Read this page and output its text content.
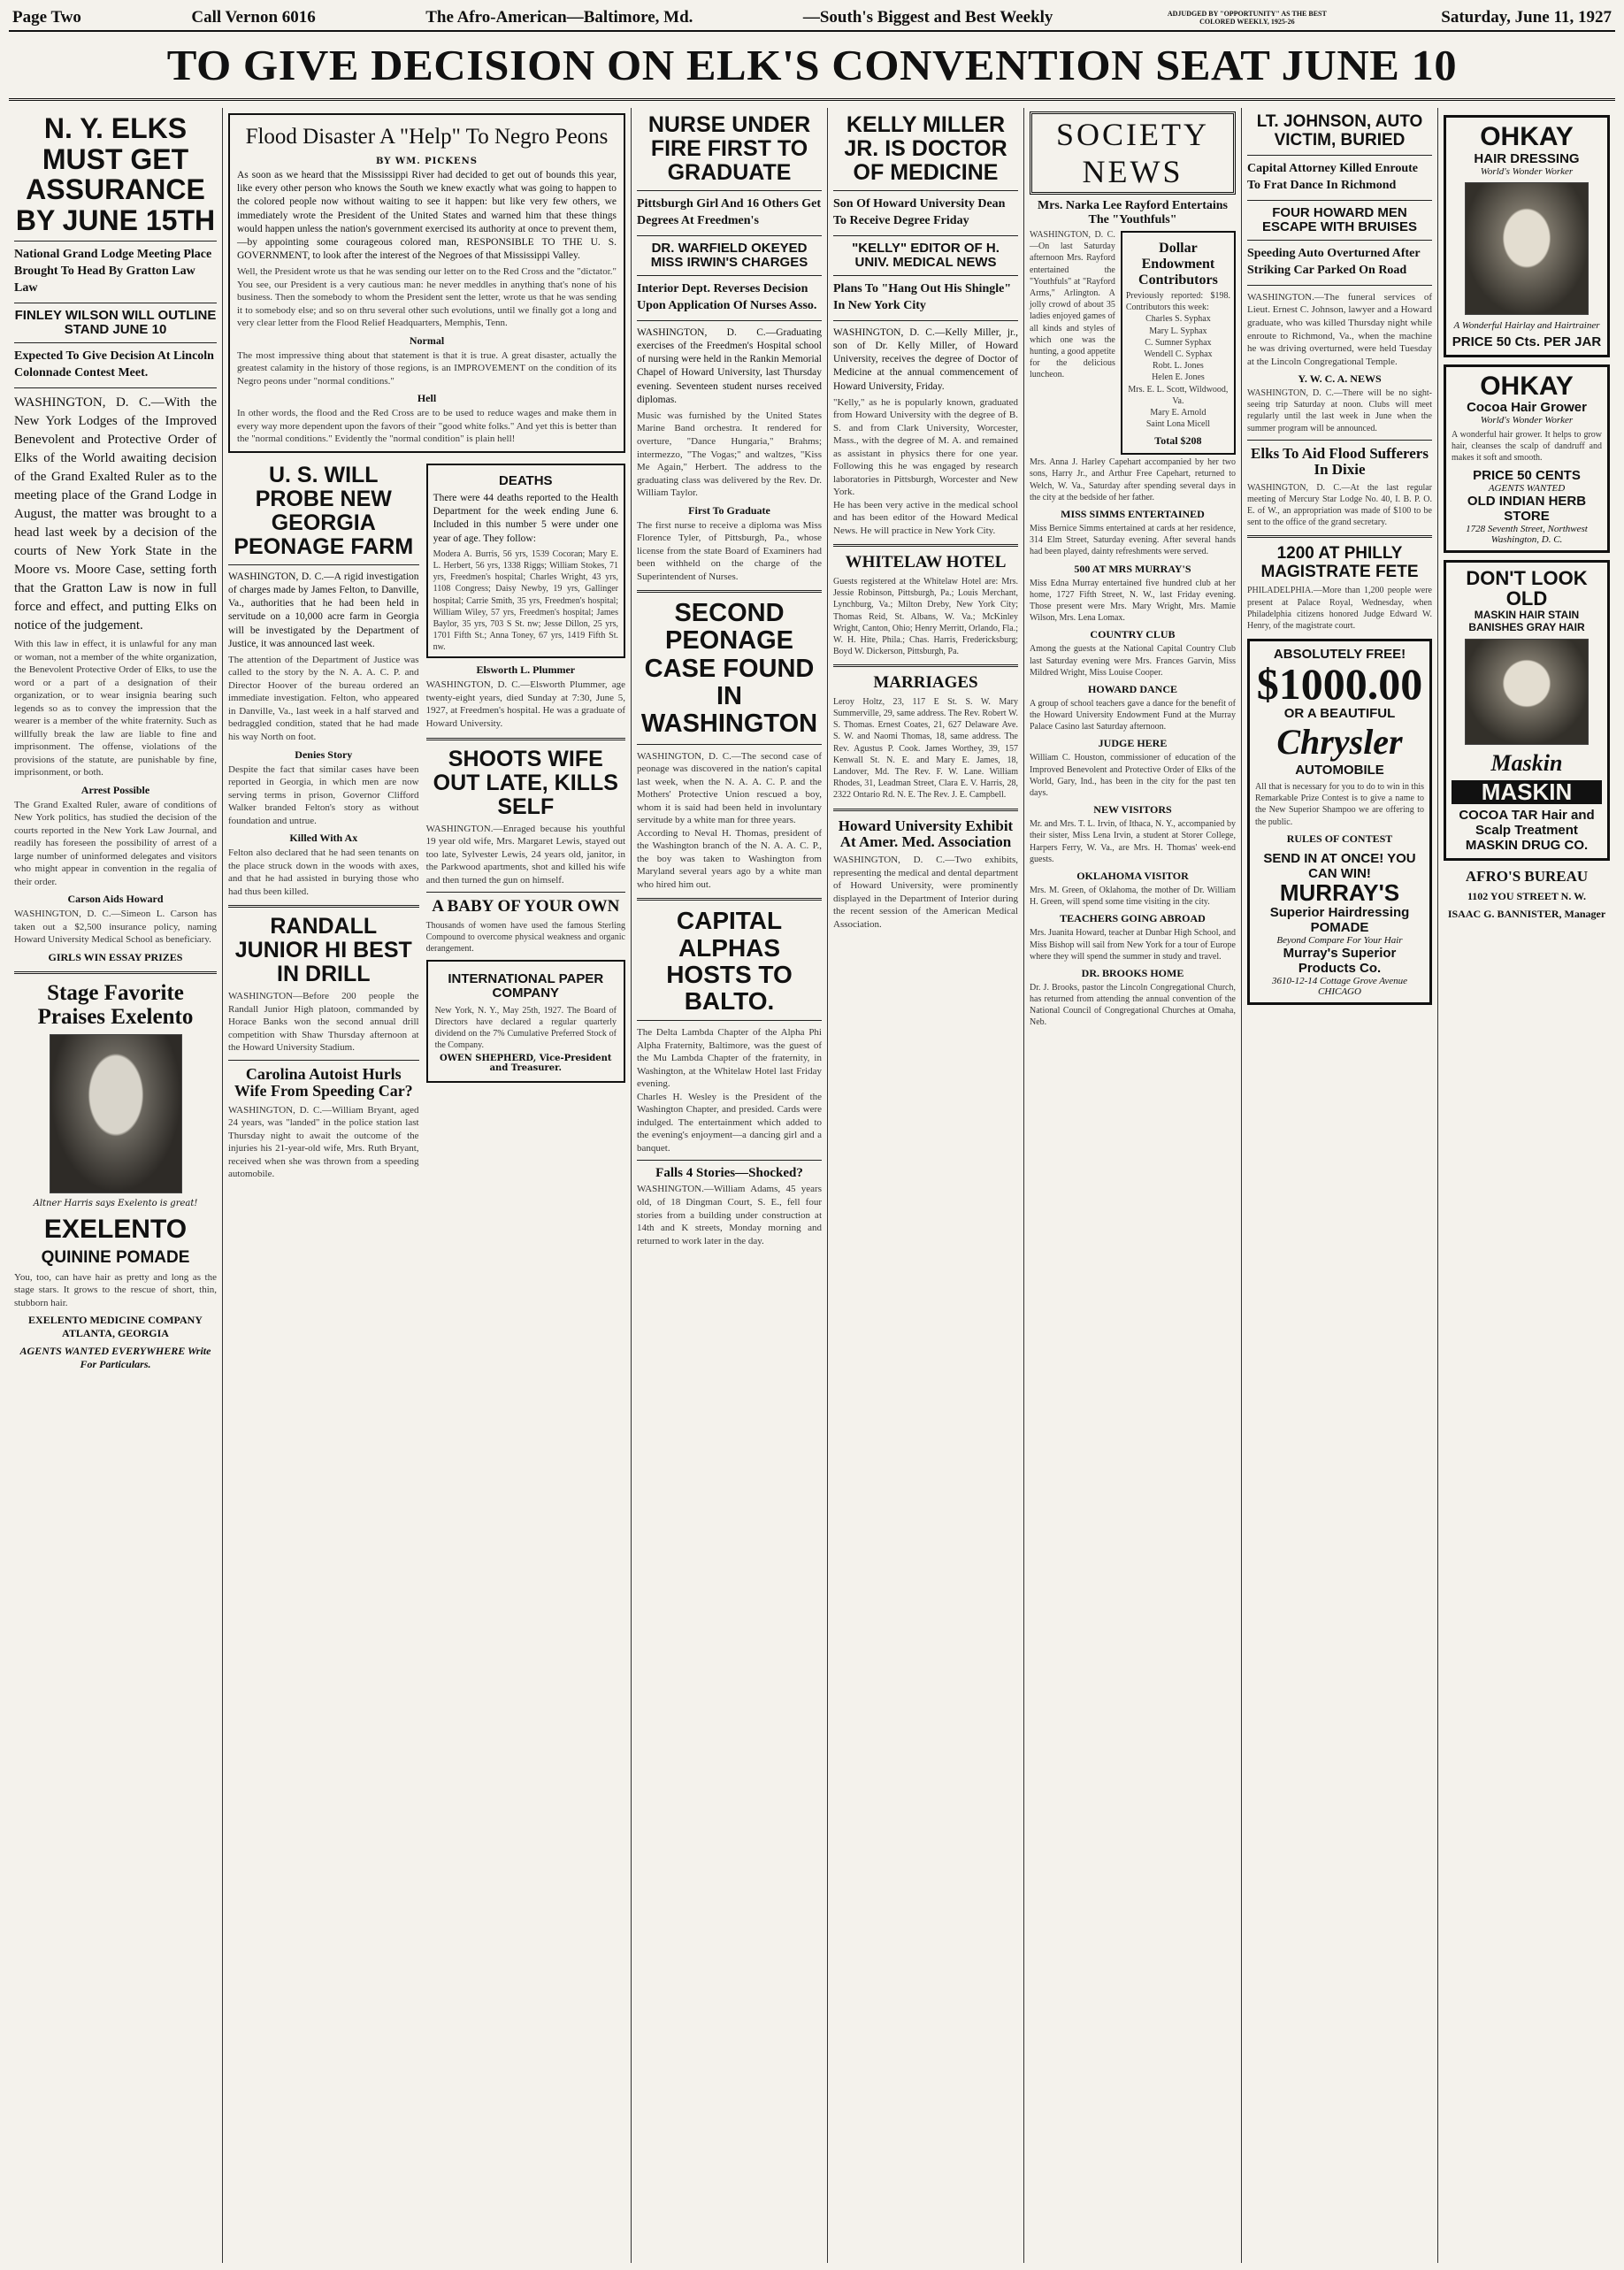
Page Two	Call Vernon 6016	The Afro-American—Baltimore, Md.	—South's Biggest and Best Weekly	ADJUDGED BY "OPPORTUNITY" AS THE BEST COLORED WEEKLY, 1925-26	Saturday, June 11, 1927
TO GIVE DECISION ON ELK'S CONVENTION SEAT JUNE 10
N. Y. ELKS MUST GET ASSURANCE BY JUNE 15TH
National Grand Lodge Meeting Place Brought To Head By Gratton Law Law
FINLEY WILSON WILL OUTLINE STAND JUNE 10
Expected To Give Decision At Lincoln Colonnade Contest Meet.

WASHINGTON, D. C.—With the New York Lodges of the Improved Benevolent and Protective Order of Elks of the World awaiting decision of the Grand Exalted Ruler as to the meeting place of the Grand Lodge in August, the matter was brought to a head last week by a decision of the courts of New York State in the Moore vs. Moore Case, setting forth that the Gratton Law is now in full force and effect, and putting Elks on notice of the judgement.

With this law in effect, it is unlawful for any man or woman, not a member of the white organization, the Benevolent Protective Order of Elks, to use the word or a part of a designation of their organization, or to wear insignia bearing such legends so as to convey the impression that the wearer is a member of the white fraternity. Such as willfully break the law are liable to fine and imprisonment. The offense, violations of the provisions of the statute, are punishable by fine, imprisonment, or both.

Arrest Possible

The Grand Exalted Ruler, aware of conditions of New York politics, has studied the decision of the courts reported in the New York Law Journal, and readily has foreseen the possibility of arrest of a large number of uninformed delegates and visitors who might appear in convention in the regalia of their order.

Carson Aids Howard

WASHINGTON, D. C.—Simeon L. Carson has taken out a $2,500 insurance policy, naming Howard University Medical School as beneficiary.

GIRLS WIN ESSAY PRIZES
Stage Favorite Praises Exelento
Altner Harris says Exelento is great!
EXELENTO
QUININE POMADE

You, too, can have hair as pretty and long as the stage stars. It grows to the rescue of short, thin, stubborn hair.

EXELENTO MEDICINE COMPANY ATLANTA, GEORGIA
AGENTS WANTED EVERYWHERE Write For Particulars.
Flood Disaster A "Help" To Negro Peons
BY WM. PICKENS

As soon as we heard that the Mississippi River had decided to get out of bounds this year, like every other person who knows the South we knew exactly what was going to happen to the colored people now without waiting to see it happen: but like very few others, we immediately wrote the President of the United States and warned him that these things would happen unless the nation's government exercised its authority at once to prevent them,—by appointing some courageous colored man, RESPONSIBLE TO THE U. S. GOVERNMENT, to look after the interest of the Negroes of that Mississippi Valley.

Well, the President wrote us that he was sending our letter on to the Red Cross and the "dictator." You see, our President is a very cautious man: he never meddles in anything that's none of his business. Then the somebody to whom the President sent the letter, wrote us that he was sending it to somebody else; and so on thru several other such evolutions, until we finally got a long and very clear letter from the Flood Relief Headquarters, Memphis, Tenn.

Normal

The most impressive thing about that statement is that it is true. A great disaster, actually the greatest calamity in the history of those regions, is an IMPROVEMENT on the condition of its Negro peons under "normal conditions."

Hell

In other words, the flood and the Red Cross are to be used to reduce wages and make them in every way more dependent upon the favors of their "good white folks." And yet this is better than the "normal conditions." Evidently the "normal condition" is plain hell!

U. S. WILL PROBE NEW GEORGIA PEONAGE FARM

WASHINGTON, D. C.—A rigid investigation of charges made by James Felton, to Danville, Va., authorities that he had been held in servitude on a 10,000 acre farm in Georgia will be investigated by the Department of Justice, it was announced last week.

The attention of the Department of Justice was called to the story by the N. A. A. C. P. and Director Hoover of the bureau ordered an immediate investigation. Felton, who appeared in Danville, Va., last week in a half starved and bedraggled condition, stated that he had made his way North on foot.

Denies Story

Despite the fact that similar cases have been reported in Georgia, in which men are now serving terms in prison, Governor Clifford Walker branded Felton's story as without foundation and untrue.

Killed With Ax

Felton also declared that he had seen tenants on the place struck down in the woods with axes, and that he had assisted in burying those who had thus been killed.

RANDALL JUNIOR HI BEST IN DRILL

WASHINGTON—Before 200 people the Randall Junior High platoon, commanded by Horace Banks won the second annual drill competition with Shaw Thursday afternoon at the Howard University Stadium.

Carolina Autoist Hurls Wife From Speeding Car?

WASHINGTON, D. C.—William Bryant, aged 24 years, was "landed" in the police station last Thursday night to await the outcome of the injuries his 21-year-old wife, Mrs. Ruth Bryant, received when she was thrown from a speeding automobile.

DEATHS

There were 44 deaths reported to the Health Department for the week ending June 6. Included in this number 5 were under one year of age. They follow:

Modera A. Burris, 56 yrs, 1539 Cocoran; Mary E. L. Herbert, 56 yrs, 1338 Riggs; William Stokes, 71 yrs, Freedmen's hospital; Charles Wright, 43 yrs, 1108 Congress; Daisy Newby, 19 yrs, Gallinger hospital; Carrie Smith, 35 yrs, Freedmen's hospital; William Wiley, 57 yrs, Freedmen's hospital; James Baylor, 35 yrs, 703 S St. nw; Jesse Dillon, 25 yrs, 1701 Fifth St.; Anna Toney, 67 yrs, 1419 Fifth St. nw.

Elsworth L. Plummer

WASHINGTON, D. C.—Elsworth Plummer, age twenty-eight years, died Sunday at 7:30, June 5, 1927, at Freedmen's hospital. He was a graduate of Howard University.

SHOOTS WIFE OUT LATE, KILLS SELF

WASHINGTON.—Enraged because his youthful 19 year old wife, Mrs. Margaret Lewis, stayed out too late, Sylvester Lewis, 24 years old, janitor, in the Parkwood apartments, shot and killed his wife and then turned the gun on himself.

A BABY OF YOUR OWN

Thousands of women have used the famous Sterling Compound to overcome physical weakness and organic derangement.

INTERNATIONAL PAPER COMPANY

New York, N. Y., May 25th, 1927. The Board of Directors have declared a regular quarterly dividend on the 7% Cumulative Preferred Stock of the Company.

OWEN SHEPHERD, Vice-President and Treasurer.
NURSE UNDER FIRE FIRST TO GRADUATE
Pittsburgh Girl And 16 Others Get Degrees At Freedmen's
DR. WARFIELD OKEYED MISS IRWIN'S CHARGES
Interior Dept. Reverses Decision Upon Application Of Nurses Asso.

WASHINGTON, D. C.—Graduating exercises of the Freedmen's Hospital school of nursing were held in the Rankin Memorial Chapel of Howard University, last Thursday evening. Seventeen student nurses received diplomas.

Music was furnished by the United States Marine Band orchestra. It rendered for overture, "Dance Hungaria," Brahms; intermezzo, "The Vogas;" and waltzes, "Kiss Me Again," Herbert. The address to the graduating class was delivered by the Rev. Dr. William Taylor.

First To Graduate

The first nurse to receive a diploma was Miss Florence Tyler, of Pittsburgh, Pa., whose license from the state Board of Examiners had been withheld on the charge of the Superintendent of Nurses.

SECOND PEONAGE CASE FOUND IN WASHINGTON

WASHINGTON, D. C.—The second case of peonage was discovered in the nation's capital last week, when the N. A. A. C. P. and the Mothers' Protective Union rescued a boy, whom it is said had been held in involuntary servitude by a white man for three years.

According to Neval H. Thomas, president of the Washington branch of the N. A. A. C. P., the boy was taken to Washington from Maryland several years ago by a white man who hired him out.

CAPITAL ALPHAS HOSTS TO BALTO.

The Delta Lambda Chapter of the Alpha Phi Alpha Fraternity, Baltimore, was the guest of the Mu Lambda Chapter of the fraternity, in Washington, at the Whitelaw Hotel last Friday evening.

Charles H. Wesley is the President of the Washington Chapter, and presided. Cards were indulged. The entertainment which added to the evening's enjoyment—a dancing girl and a banquet.

Falls 4 Stories—Shocked?

WASHINGTON.—William Adams, 45 years old, of 18 Dingman Court, S. E., fell four stories from a building under construction at 14th and K streets, Monday morning and returned to work later in the day.

KELLY MILLER JR. IS DOCTOR OF MEDICINE
Son Of Howard University Dean To Receive Degree Friday
"KELLY" EDITOR OF H. UNIV. MEDICAL NEWS
Plans To "Hang Out His Shingle" In New York City

WASHINGTON, D. C.—Kelly Miller, jr., son of Dr. Kelly Miller, of Howard University, receives the degree of Doctor of Medicine at the annual commencement of Howard University, Friday.

"Kelly," as he is popularly known, graduated from Howard University with the degree of B. S. and from Clark University, Worcester, Mass., with the degree of M. A. and remained as assistant in physics there for one year. Following this he was engaged by research laboratories in Pittsburgh, Worcester and New York.

He has been very active in the medical school and has been editor of the Howard Medical News. He will practice in New York City.

WHITELAW HOTEL

Guests registered at the Whitelaw Hotel are: Mrs. Jessie Robinson, Pittsburgh, Pa.; Louis Merchant, Lynchburg, Va.; Milton Dreby, New York City; Thomas Reid, St. Albans, W. Va.; McKinley Wright, Canton, Ohio; Henry Merritt, Orlando, Fla.; W. H. Hite, Phila.; Chas. Harris, Fredericksburg; Boyd W. Dickerson, Pittsburgh, Pa.

MARRIAGES

Leroy Holtz, 23, 117 E St. S. W. Mary Summerville, 29, same address. The Rev. Robert W. S. Thomas. Ernest Coates, 21, 627 Delaware Ave. S. W. and Naomi Thomas, 18, same address. The Rev. Agustus P. Cook. James Worthey, 39, 157 Kenwall St. N. E. and Mary E. James, 18, Landover, Md. The Rev. F. W. Lane. William Rhodes, 31, Leadman Street, Clara E. V. Harris, 28, 2322 Ontario Rd. N. E. The Rev. J. E. Campbell.

Howard University Exhibit At Amer. Med. Association

WASHINGTON, D. C.—Two exhibits, representing the medical and dental department of Howard University, were prominently displayed in the Department of Interior during the recent session of the American Medical Association.

SOCIETY NEWS
Mrs. Narka Lee Rayford Entertains The "Youthfuls"

WASHINGTON, D. C.—On last Saturday afternoon Mrs. Rayford entertained the "Youthfuls" at "Rayford Arms," Arlington. A jolly crowd of about 35 ladies enjoyed games of all kinds and styles of which one was the hunting, a good appetite for the delicious luncheon.

Dollar Endowment Contributors

Previously reported: $198. Contributors this week:

Charles S. Syphax
Mary L. Syphax
C. Sumner Syphax
Wendell C. Syphax
Robt. L. Jones
Helen E. Jones
Mrs. E. L. Scott, Wildwood, Va.
Mary E. Arnold
Saint Lona Micell

Total $208

Mrs. Anna J. Harley Capehart accompanied by her two sons, Harry Jr., and Arthur Free Capehart, returned to Welch, W. Va., Saturday after spending several days in the city at the bedside of her father.

MISS SIMMS ENTERTAINED

Miss Bernice Simms entertained at cards at her residence, 314 Elm Street, Saturday evening. After several hands had been played, dainty refreshments were served.

500 AT MRS MURRAY'S

Miss Edna Murray entertained five hundred club at her home, 1727 Fifth Street, N. W., last Friday evening. Those present were Mrs. Mary Wright, Mrs. Mamie Wilson, Mrs. Lena Lomax.

COUNTRY CLUB

Among the guests at the National Capital Country Club last Saturday evening were Mrs. Frances Garvin, Miss Mildred Wright, Miss Louise Cooper.

HOWARD DANCE

A group of school teachers gave a dance for the benefit of the Howard University Endowment Fund at the Murray Palace Casino last Saturday afternoon.

JUDGE HERE

William C. Houston, commissioner of education of the Improved Benevolent and Protective Order of Elks of the World, Gary, Ind., has been in the city for the past ten days.

NEW VISITORS

Mr. and Mrs. T. L. Irvin, of Ithaca, N. Y., accompanied by their sister, Miss Lena Irvin, a student at Storer College, Harpers Ferry, W. Va., are Mrs. H. Thomas' week-end guests.

OKLAHOMA VISITOR

Mrs. M. Green, of Oklahoma, the mother of Dr. William H. Green, will spend some time visiting in the city.

TEACHERS GOING ABROAD

Mrs. Juanita Howard, teacher at Dunbar High School, and Miss Bishop will sail from New York for a tour of Europe where they will spend the summer in study and travel.

DR. BROOKS HOME

Dr. J. Brooks, pastor the Lincoln Congregational Church, has returned from attending the annual convention of the National Council of Congregational Churches at Omaha, Neb.

LT. JOHNSON, AUTO VICTIM, BURIED
Capital Attorney Killed Enroute To Frat Dance In Richmond
FOUR HOWARD MEN ESCAPE WITH BRUISES
Speeding Auto Overturned After Striking Car Parked On Road

WASHINGTON.—The funeral services of Lieut. Ernest C. Johnson, lawyer and a Howard graduate, who was killed Thursday night while enroute to Richmond, Va., when the machine he was driving overturned, were held Tuesday at the Lincoln Congregational Temple.

Y. W. C. A. NEWS

WASHINGTON, D. C.—There will be no sight-seeing trip Saturday at noon. Clubs will meet regularly until the last week in June when the summer program will be announced.

Elks To Aid Flood Sufferers In Dixie

WASHINGTON, D. C.—At the last regular meeting of Mercury Star Lodge No. 40, I. B. P. O. E. of W., an appropriation was made of $100 to be sent to the office of the grand secretary.

1200 AT PHILLY MAGISTRATE FETE

PHILADELPHIA.—More than 1,200 people were present at Palace Royal, Wednesday, when Philadelphia citizens honored Judge Edward W. Henry, of the magistrate court.

ABSOLUTELY FREE!
$1000.00
OR A BEAUTIFUL
Chrysler
AUTOMOBILE

All that is necessary for you to do to win in this Remarkable Prize Contest is to give a name to the New Superior Shampoo we are offering to the public.

RULES OF CONTEST
SEND IN AT ONCE! YOU CAN WIN!
MURRAY'S
Superior Hairdressing POMADE
Beyond Compare For Your Hair
Murray's Superior Products Co.
3610-12-14 Cottage Grove Avenue CHICAGO
OHKAY
HAIR DRESSING
World's Wonder Worker
A Wonderful Hairlay and Hairtrainer
PRICE 50 Cts. PER JAR
OHKAY
Cocoa Hair Grower
World's Wonder Worker

A wonderful hair grower. It helps to grow hair, cleanses the scalp of dandruff and makes it soft and smooth.

PRICE 50 CENTS
AGENTS WANTED
OLD INDIAN HERB STORE
1728 Seventh Street, Northwest Washington, D. C.
DON'T LOOK OLD
MASKIN HAIR STAIN BANISHES GRAY HAIR
Maskin
MASKIN
COCOA TAR Hair and Scalp Treatment
MASKIN DRUG CO.
AFRO'S BUREAU
1102 YOU STREET N. W.
ISAAC G. BANNISTER, Manager
